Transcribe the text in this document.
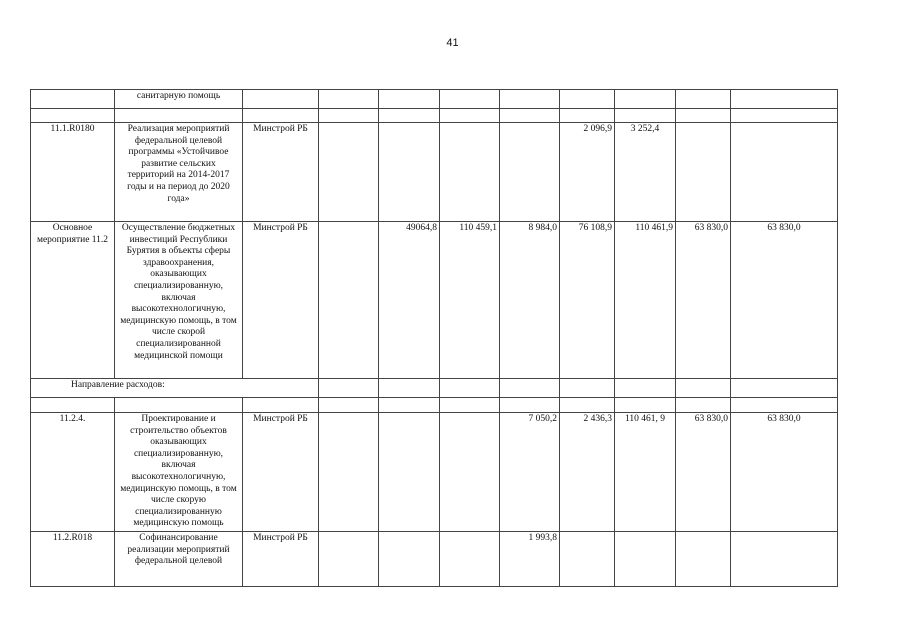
41
	санитарную помощь									

11.1.R0180	Реализация мероприятий федеральной целевой программы «Устойчивое развитие сельских территорий на 2014-2017 годы и на период до 2020 года»	Минстрой РБ					2 096,9	3 252,4		
Основное мероприятие 11.2	Осуществление бюджетных инвестиций Республики Бурятия в объекты сферы здравоохранения, оказывающих специализированную, включая высокотехнологичную, медицинскую помощь, в том числе скорой специализированной медицинской помощи	Минстрой РБ		49064,8	110 459,1	8 984,0	76 108,9	110 461,9	63 830,0	63 830,0
Направление расходов:										

11.2.4.	Проектирование и строительство объектов оказывающих специализированную, включая высокотехнологичную, медицинскую помощь, в том числе скорую специализированную медицинскую помощь	Минстрой РБ				7 050,2	2 436,3	110 461, 9	63 830,0	63 830,0
11.2.R018	Софинансирование реализации мероприятий федеральной целевой	Минстрой РБ				1 993,8				
